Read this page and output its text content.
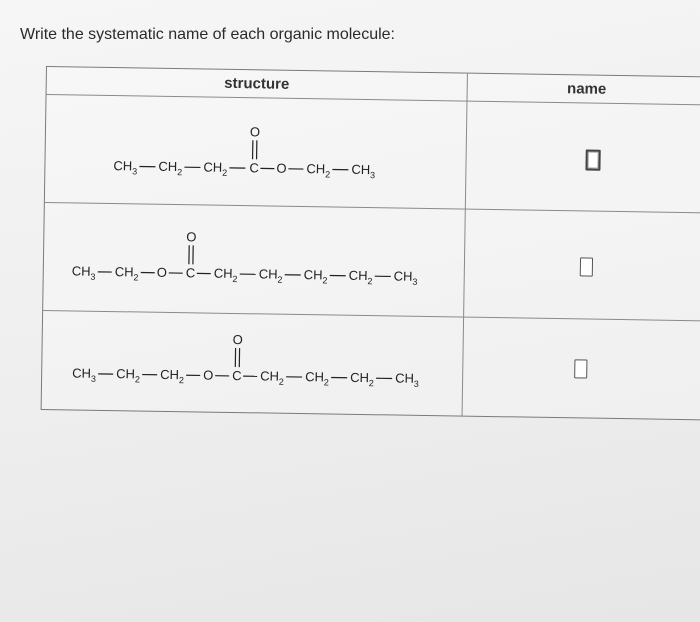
Write the systematic name of each organic molecule:
structure	name
$CH_3$ $CH_2$ $CH_2$ C
O
O $CH_2$ $CH_3$
$CH_3$ $CH_2$ O C
O
$CH_2$ $CH_2$ $CH_2$ $CH_2$ $CH_3$
$CH_3$ $CH_2$ $CH_2$ O C
O
$CH_2$ $CH_2$ $CH_2$ $CH_3$
